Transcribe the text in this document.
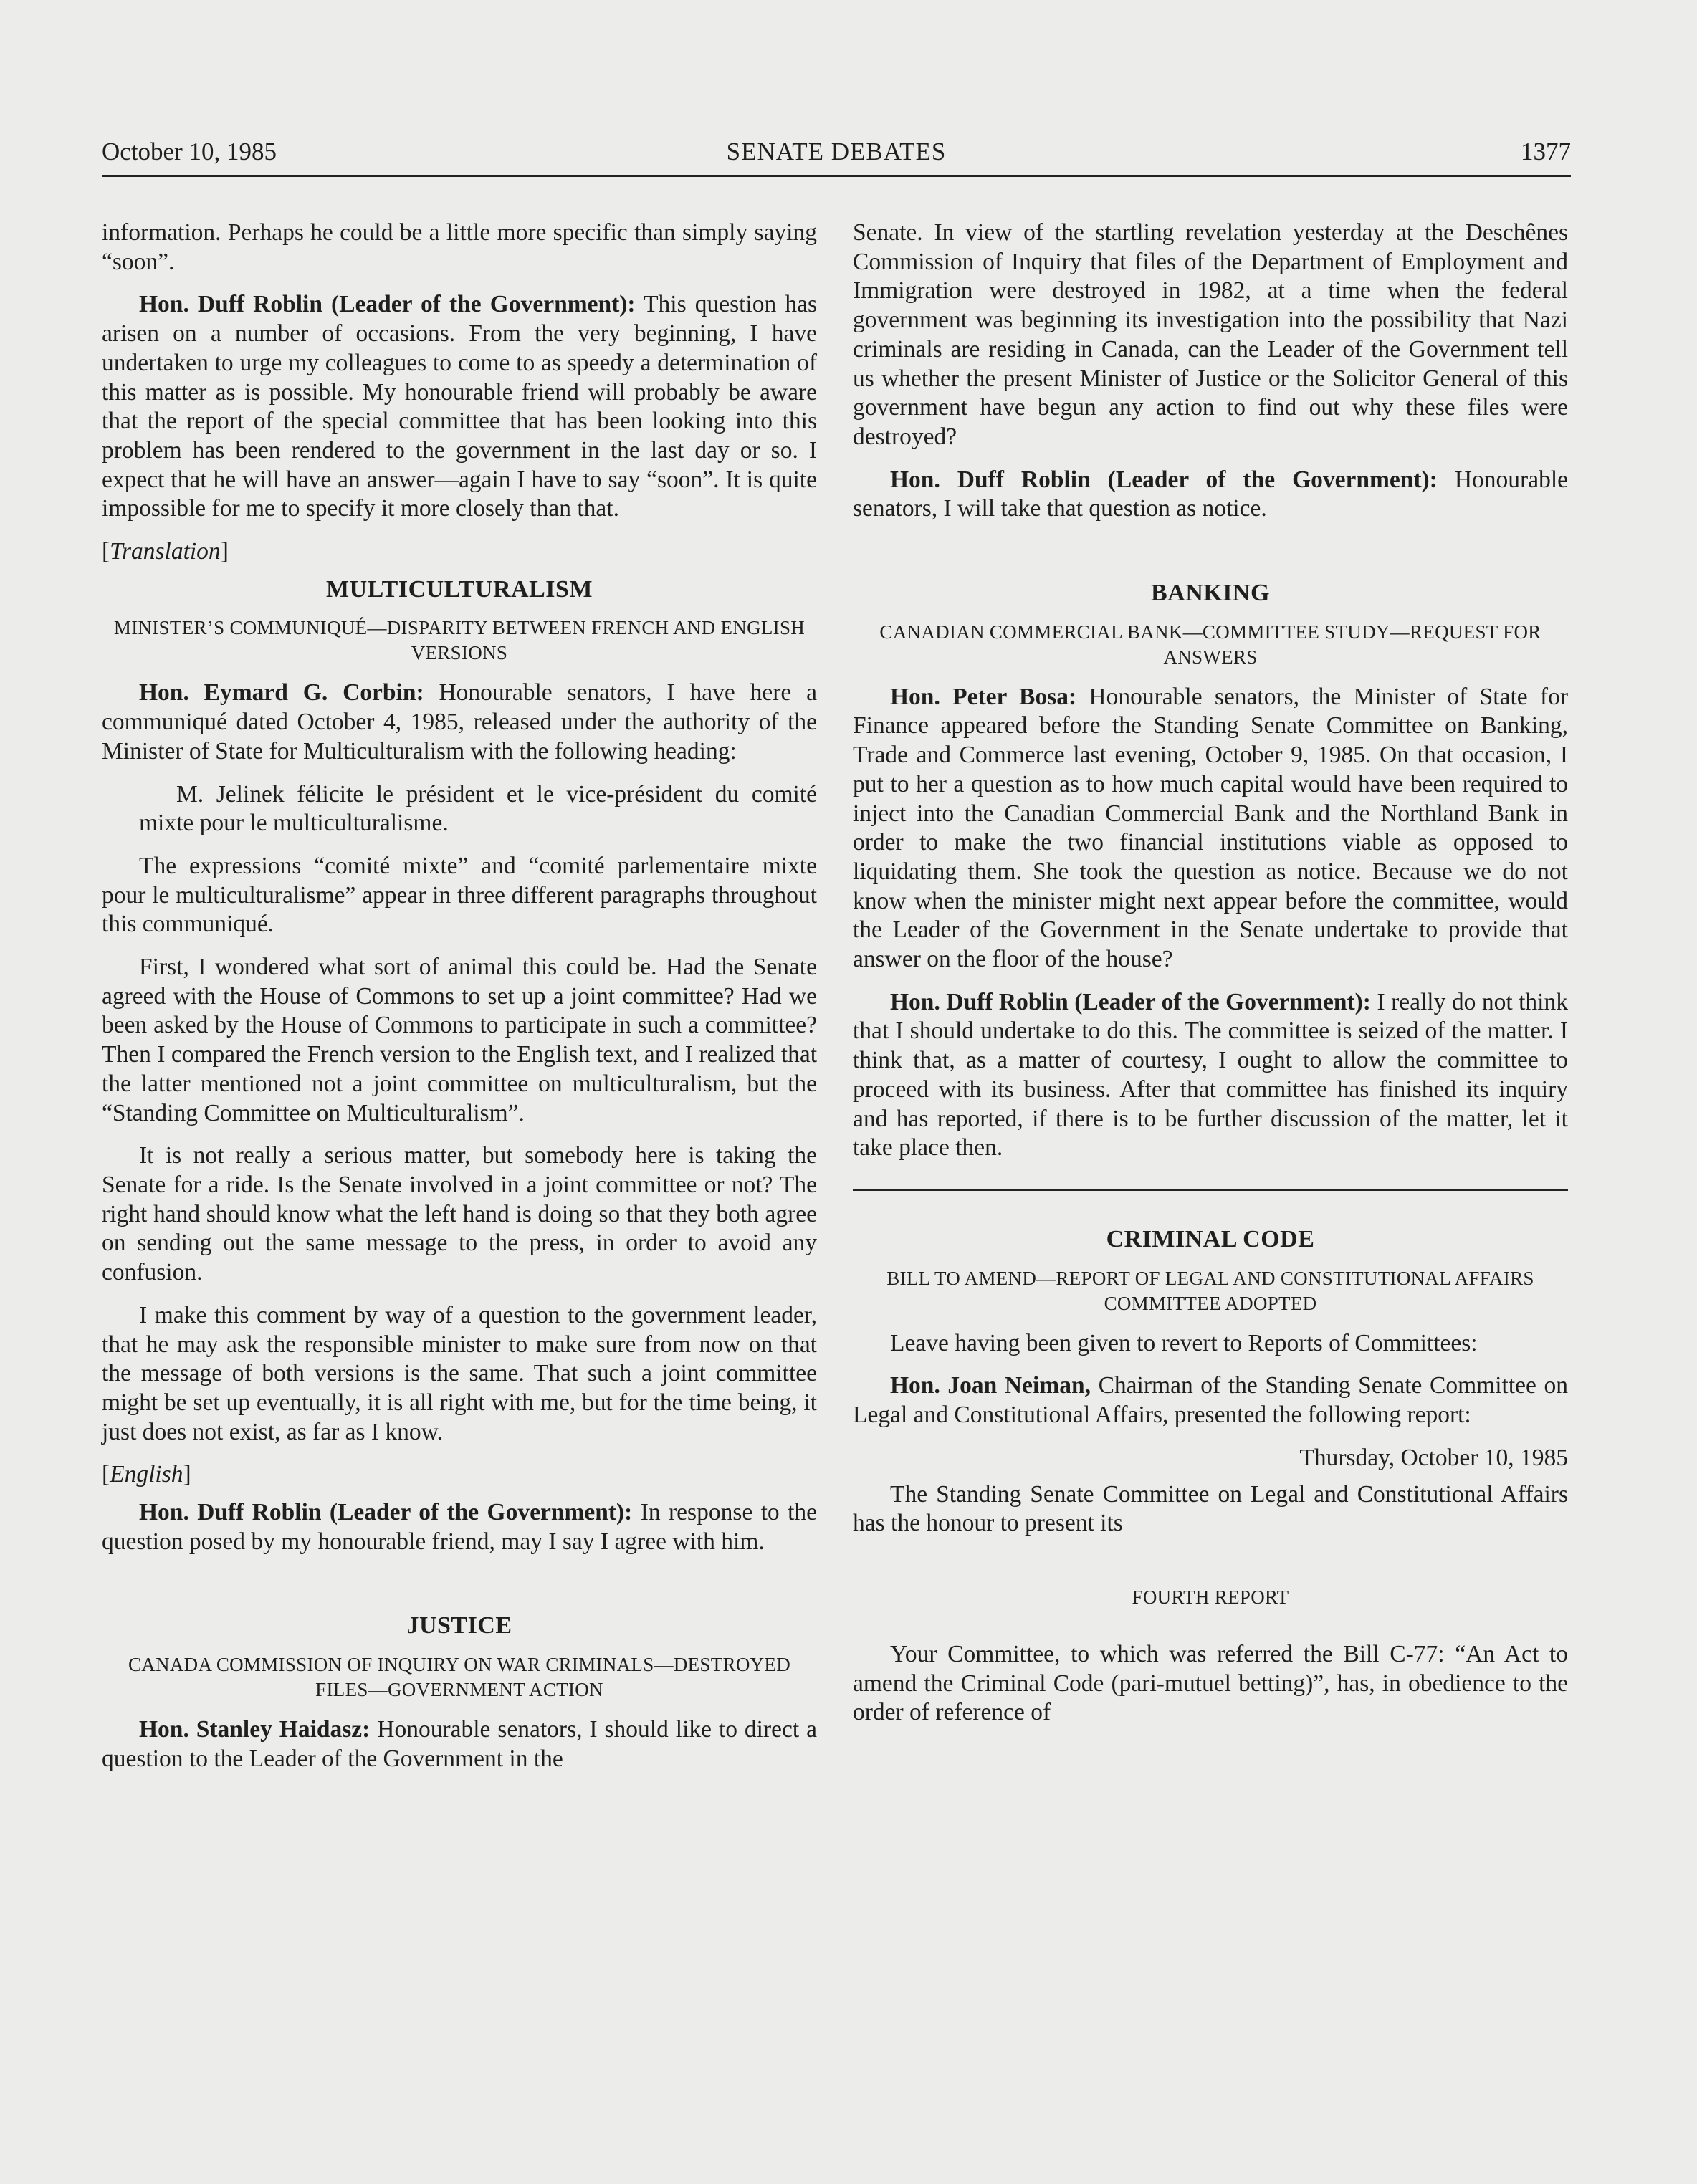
October 10, 1985	SENATE DEBATES	1377

information. Perhaps he could be a little more specific than simply saying “soon”.

Hon. Duff Roblin (Leader of the Government): This question has arisen on a number of occasions. From the very beginning, I have undertaken to urge my colleagues to come to as speedy a determination of this matter as is possible. My honourable friend will probably be aware that the report of the special committee that has been looking into this problem has been rendered to the government in the last day or so. I expect that he will have an answer—again I have to say “soon”. It is quite impossible for me to specify it more closely than that.

[Translation]
MULTICULTURALISM
MINISTER’S COMMUNIQUÉ—DISPARITY BETWEEN FRENCH AND ENGLISH VERSIONS

Hon. Eymard G. Corbin: Honourable senators, I have here a communiqué dated October 4, 1985, released under the authority of the Minister of State for Multiculturalism with the following heading:

M. Jelinek félicite le président et le vice-président du comité mixte pour le multiculturalisme.

The expressions “comité mixte” and “comité parlementaire mixte pour le multiculturalisme” appear in three different paragraphs throughout this communiqué.

First, I wondered what sort of animal this could be. Had the Senate agreed with the House of Commons to set up a joint committee? Had we been asked by the House of Commons to participate in such a committee? Then I compared the French version to the English text, and I realized that the latter mentioned not a joint committee on multiculturalism, but the “Standing Committee on Multiculturalism”.

It is not really a serious matter, but somebody here is taking the Senate for a ride. Is the Senate involved in a joint committee or not? The right hand should know what the left hand is doing so that they both agree on sending out the same message to the press, in order to avoid any confusion.

I make this comment by way of a question to the government leader, that he may ask the responsible minister to make sure from now on that the message of both versions is the same. That such a joint committee might be set up eventually, it is all right with me, but for the time being, it just does not exist, as far as I know.

[English]

Hon. Duff Roblin (Leader of the Government): In response to the question posed by my honourable friend, may I say I agree with him.

JUSTICE
CANADA COMMISSION OF INQUIRY ON WAR CRIMINALS—DESTROYED FILES—GOVERNMENT ACTION

Hon. Stanley Haidasz: Honourable senators, I should like to direct a question to the Leader of the Government in the

Senate. In view of the startling revelation yesterday at the Deschênes Commission of Inquiry that files of the Department of Employment and Immigration were destroyed in 1982, at a time when the federal government was beginning its investigation into the possibility that Nazi criminals are residing in Canada, can the Leader of the Government tell us whether the present Minister of Justice or the Solicitor General of this government have begun any action to find out why these files were destroyed?

Hon. Duff Roblin (Leader of the Government): Honourable senators, I will take that question as notice.

BANKING
CANADIAN COMMERCIAL BANK—COMMITTEE STUDY—REQUEST FOR ANSWERS

Hon. Peter Bosa: Honourable senators, the Minister of State for Finance appeared before the Standing Senate Committee on Banking, Trade and Commerce last evening, October 9, 1985. On that occasion, I put to her a question as to how much capital would have been required to inject into the Canadian Commercial Bank and the Northland Bank in order to make the two financial institutions viable as opposed to liquidating them. She took the question as notice. Because we do not know when the minister might next appear before the committee, would the Leader of the Government in the Senate undertake to provide that answer on the floor of the house?

Hon. Duff Roblin (Leader of the Government): I really do not think that I should undertake to do this. The committee is seized of the matter. I think that, as a matter of courtesy, I ought to allow the committee to proceed with its business. After that committee has finished its inquiry and has reported, if there is to be further discussion of the matter, let it take place then.

CRIMINAL CODE
BILL TO AMEND—REPORT OF LEGAL AND CONSTITUTIONAL AFFAIRS COMMITTEE ADOPTED

Leave having been given to revert to Reports of Committees:

Hon. Joan Neiman, Chairman of the Standing Senate Committee on Legal and Constitutional Affairs, presented the following report:

Thursday, October 10, 1985

The Standing Senate Committee on Legal and Constitutional Affairs has the honour to present its

FOURTH REPORT

Your Committee, to which was referred the Bill C-77: “An Act to amend the Criminal Code (pari-mutuel betting)”, has, in obedience to the order of reference of
